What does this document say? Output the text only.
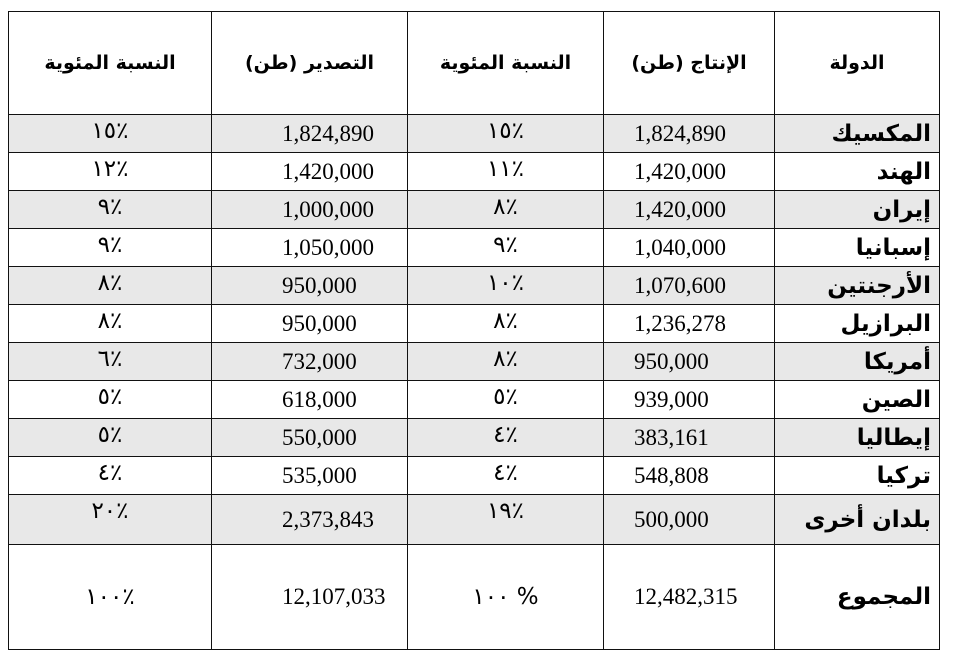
الدولة	الإنتاج (طن)	النسبة المئوية	التصدير (طن)	النسبة المئوية
المكسيك	1,824,890	٪١٥	1,824,890	٪١٥
الهند	1,420,000	٪١١	1,420,000	٪١٢
إيران	1,420,000	٪٨	1,000,000	٪٩
إسبانيا	1,040,000	٪٩	1,050,000	٪٩
الأرجنتين	1,070,600	٪١٠	950,000	٪٨
البرازيل	1,236,278	٪٨	950,000	٪٨
أمريكا	950,000	٪٨	732,000	٪٦
الصين	939,000	٪٥	618,000	٪٥
إيطاليا	383,161	٪٤	550,000	٪٥
تركيا	548,808	٪٤	535,000	٪٤
بلدان أخرى	500,000	٪١٩	2,373,843	٪٢٠
المجموع	12,482,315	% ١٠٠	12,107,033	٪١٠٠
